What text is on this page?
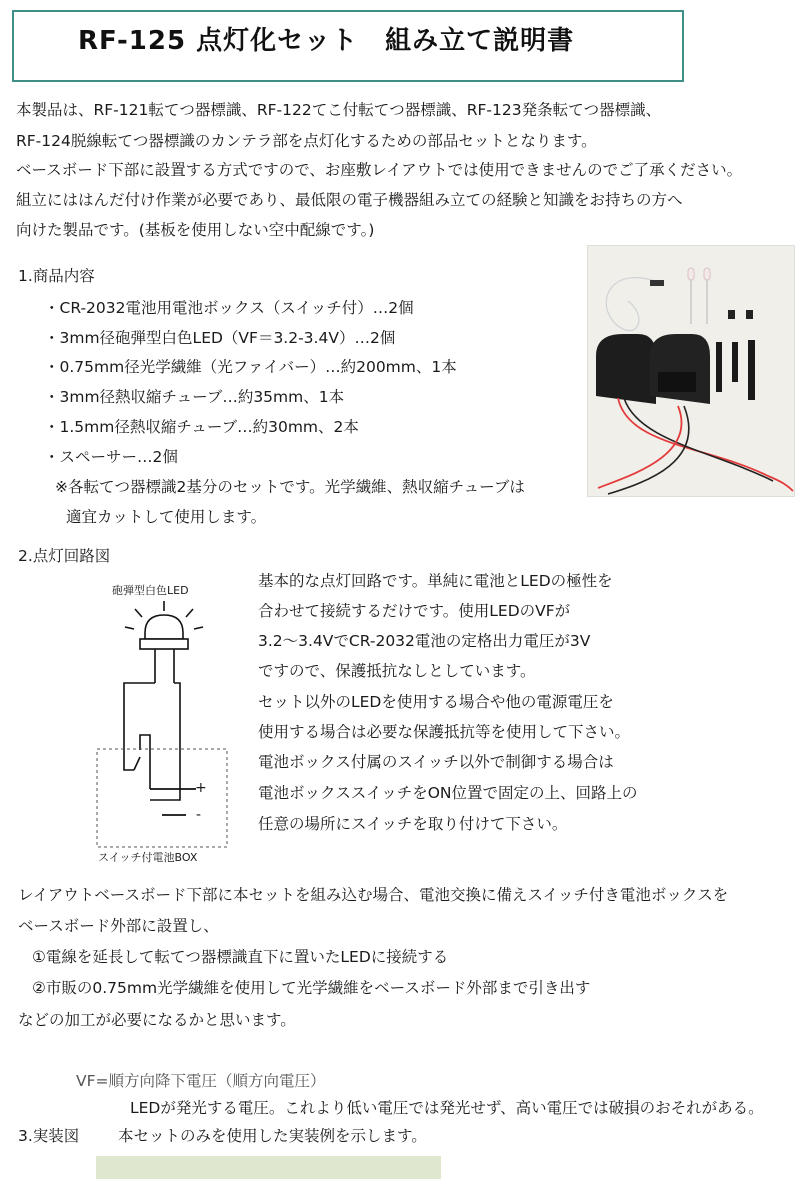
RF-125 点灯化セット　組み立て説明書
本製品は、RF-121転てつ器標識、RF-122てこ付転てつ器標識、RF-123発条転てつ器標識、
RF-124脱線転てつ器標識のカンテラ部を点灯化するための部品セットとなります。
ベースボード下部に設置する方式ですので、お座敷レイアウトでは使用できませんのでご了承ください。
組立にははんだ付け作業が必要であり、最低限の電子機器組み立ての経験と知識をお持ちの方へ
向けた製品です。(基板を使用しない空中配線です。)
1.商品内容
・CR-2032電池用電池ボックス（スイッチ付）…2個
・3mm径砲弾型白色LED（VF＝3.2-3.4V）…2個
・0.75mm径光学繊維（光ファイバー）…約200mm、1本
・3mm径熱収縮チューブ…約35mm、1本
・1.5mm径熱収縮チューブ…約30mm、2本
・スペーサー…2個
※各転てつ器標識2基分のセットです。光学繊維、熱収縮チューブは
適宜カットして使用します。
2.点灯回路図
砲弾型白色LED
+
-
スイッチ付電池BOX
基本的な点灯回路です。単純に電池とLEDの極性を
合わせて接続するだけです。使用LEDのVFが
3.2～3.4VでCR-2032電池の定格出力電圧が3V
ですので、保護抵抗なしとしています。
セット以外のLEDを使用する場合や他の電源電圧を
使用する場合は必要な保護抵抗等を使用して下さい。
電池ボックス付属のスイッチ以外で制御する場合は
電池ボックススイッチをON位置で固定の上、回路上の
任意の場所にスイッチを取り付けて下さい。
レイアウトベースボード下部に本セットを組み込む場合、電池交換に備えスイッチ付き電池ボックスを
ベースボード外部に設置し、
①電線を延長して転てつ器標識直下に置いたLEDに接続する
②市販の0.75mm光学繊維を使用して光学繊維をベースボード外部まで引き出す
などの加工が必要になるかと思います。
VF=順方向降下電圧（順方向電圧）
LEDが発光する電圧。これより低い電圧では発光せず、高い電圧では破損のおそれがある。
3.実装図 本セットのみを使用した実装例を示します。
